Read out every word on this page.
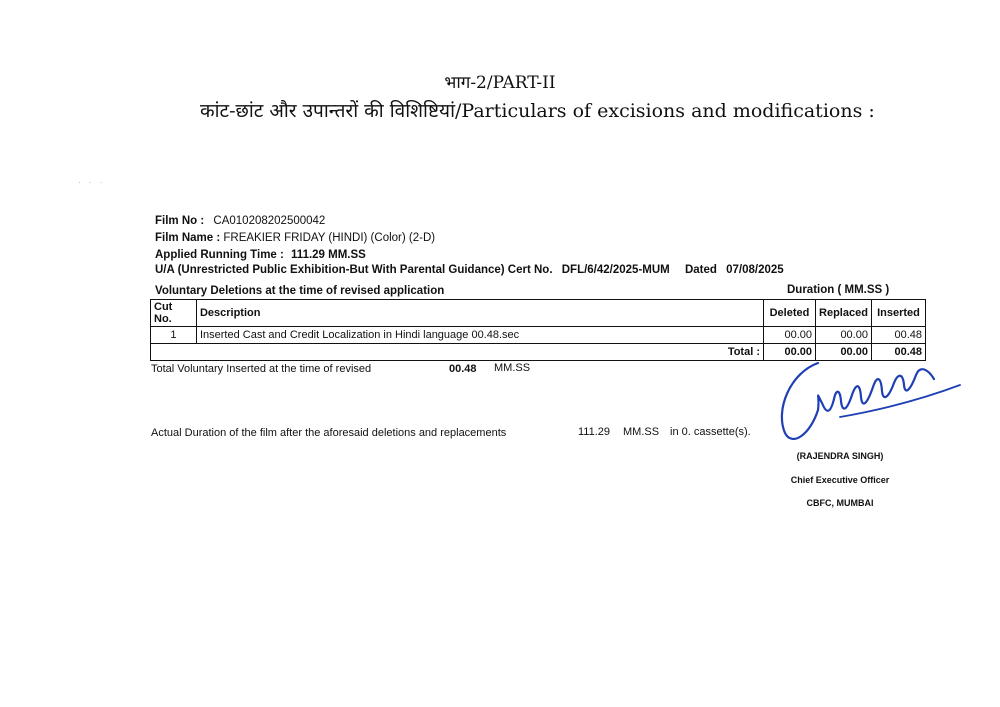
भाग-2/PART-II
कांट-छांट और उपान्तरों की विशिष्टियां/Particulars of excisions and modifications :
· · ·
Film No : CA010208202500042
Film Name : FREAKIER FRIDAY (HINDI) (Color) (2-D)
Applied Running Time : 111.29 MM.SS
U/A (Unrestricted Public Exhibition-But With Parental Guidance) Cert No. DFL/6/42/2025-MUM Dated 07/08/2025
Voluntary Deletions at the time of revised application	Duration ( MM.SS )
Cut No.	Description	Deleted	Replaced	Inserted
1	Inserted Cast and Credit Localization in Hindi language 00.48.sec	00.00	00.00	00.48
Total :		00.00	00.00	00.48
Total Voluntary Inserted at the time of revised	00.48 MM.SS
Actual Duration of the film after the aforesaid deletions and replacements	111.29 MM.SS in 0. cassette(s).
(RAJENDRA SINGH)
Chief Executive Officer
CBFC, MUMBAI
